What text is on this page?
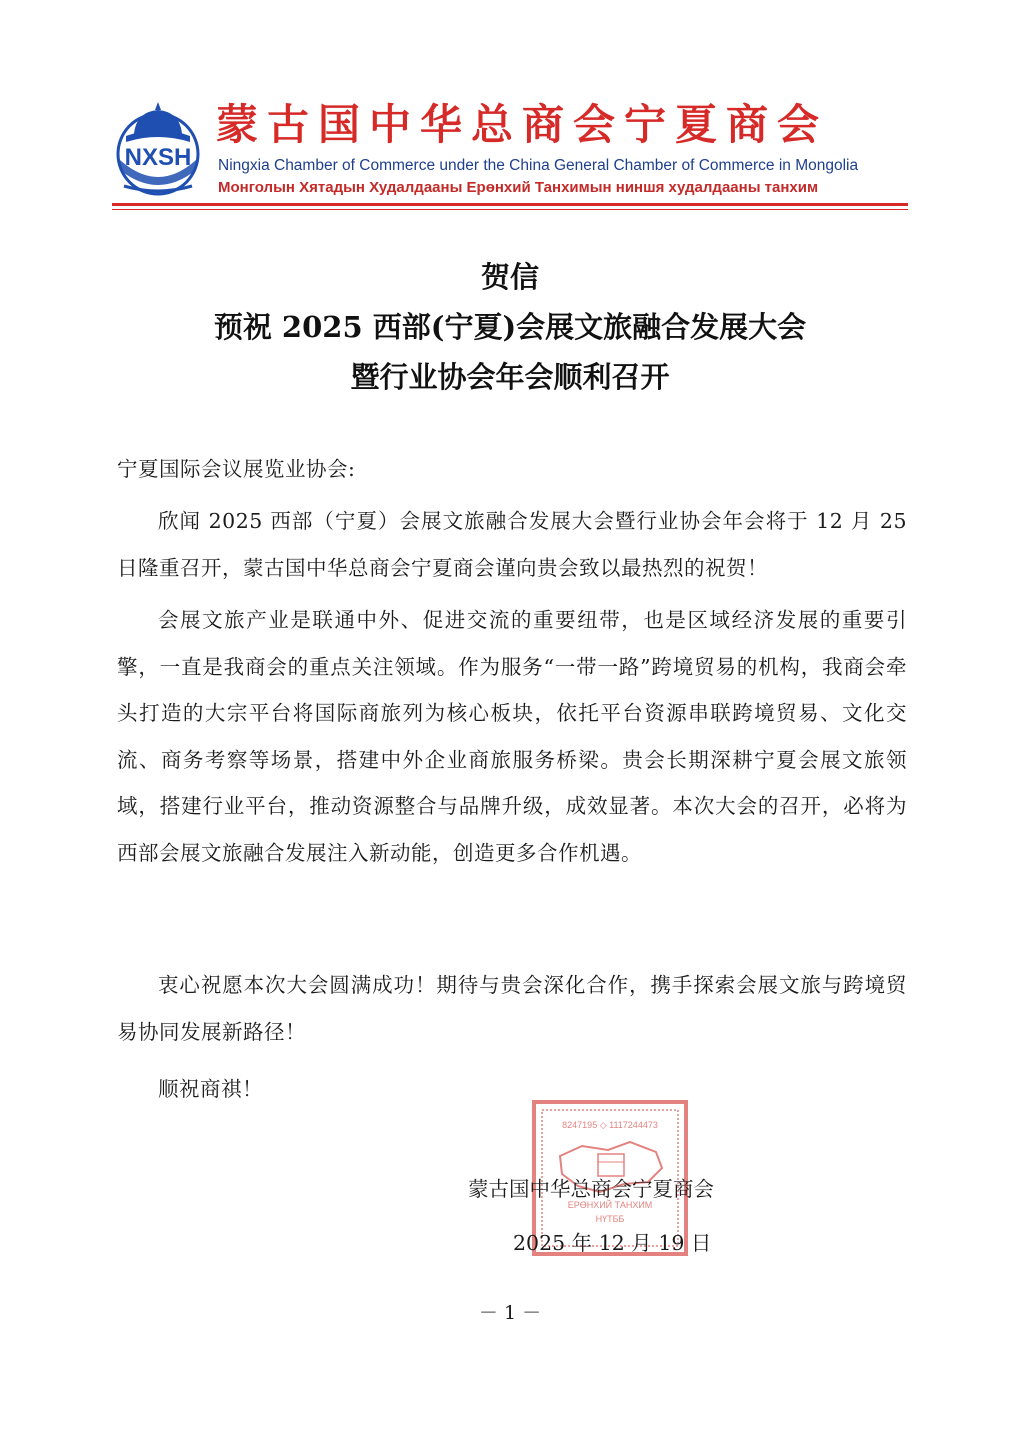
NXSH
蒙古国中华总商会宁夏商会
Ningxia Chamber of Commerce under the China General Chamber of Commerce in Mongolia
Монголын Хятадын Худалдааны Ерөнхий Танхимын ниншя худалдааны танхим
贺信
预祝 2025 西部(宁夏)会展文旅融合发展大会
暨行业协会年会顺利召开
宁夏国际会议展览业协会:
欣闻 2025 西部（宁夏）会展文旅融合发展大会暨行业协会年会将于 12 月 25 日隆重召开，蒙古国中华总商会宁夏商会谨向贵会致以最热烈的祝贺！
会展文旅产业是联通中外、促进交流的重要纽带，也是区域经济发展的重要引擎，一直是我商会的重点关注领域。作为服务“一带一路”跨境贸易的机构，我商会牵头打造的大宗平台将国际商旅列为核心板块，依托平台资源串联跨境贸易、文化交流、商务考察等场景，搭建中外企业商旅服务桥梁。贵会长期深耕宁夏会展文旅领域，搭建行业平台，推动资源整合与品牌升级，成效显著。本次大会的召开，必将为西部会展文旅融合发展注入新动能，创造更多合作机遇。
衷心祝愿本次大会圆满成功！期待与贵会深化合作，携手探索会展文旅与跨境贸易协同发展新路径！
顺祝商祺！
8247195 ◇ 1117244473
ЕРӨНХИЙ ТАНХИМ
НҮТББ
蒙古国中华总商会宁夏商会
2025 年 12 月 19 日
－ 1 －
